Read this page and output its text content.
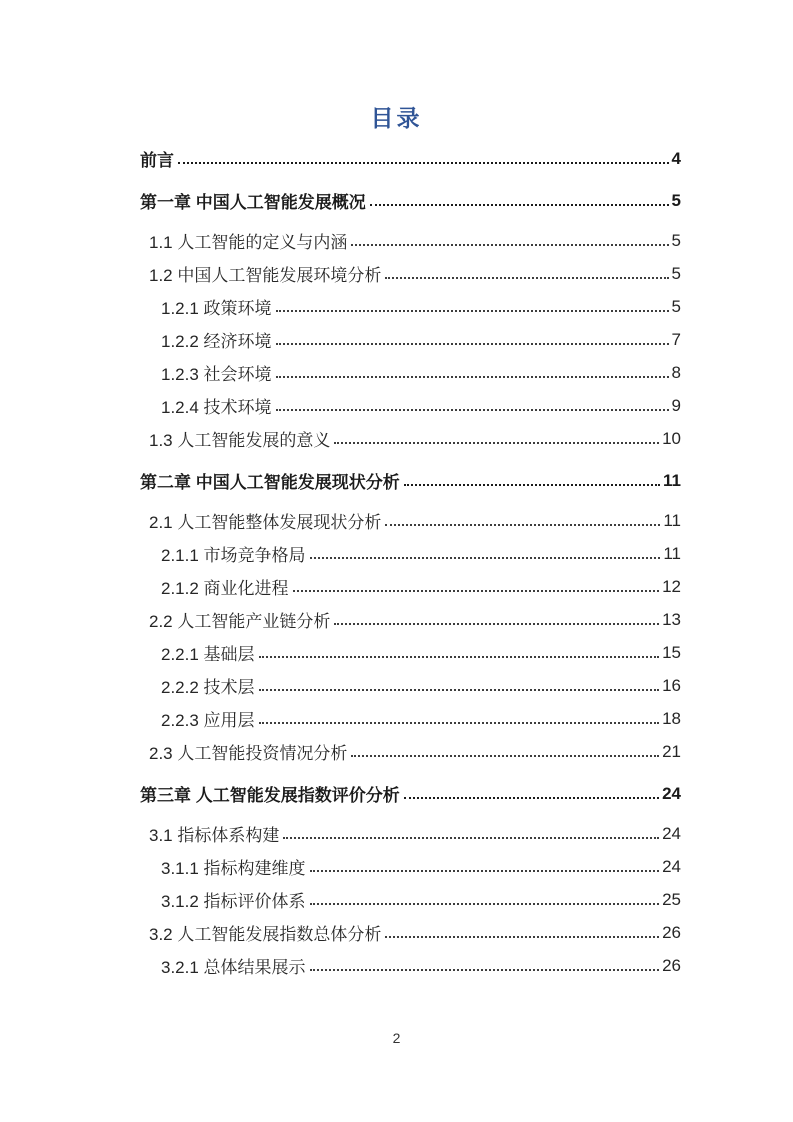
目录
前言	4
第一章 中国人工智能发展概况	5
1.1 人工智能的定义与内涵	5
1.2 中国人工智能发展环境分析	5
1.2.1 政策环境	5
1.2.2 经济环境	7
1.2.3 社会环境	8
1.2.4 技术环境	9
1.3 人工智能发展的意义	10
第二章 中国人工智能发展现状分析	11
2.1 人工智能整体发展现状分析	11
2.1.1 市场竞争格局	11
2.1.2 商业化进程	12
2.2 人工智能产业链分析	13
2.2.1 基础层	15
2.2.2 技术层	16
2.2.3 应用层	18
2.3 人工智能投资情况分析	21
第三章 人工智能发展指数评价分析	24
3.1 指标体系构建	24
3.1.1 指标构建维度	24
3.1.2 指标评价体系	25
3.2 人工智能发展指数总体分析	26
3.2.1 总体结果展示	26
2
